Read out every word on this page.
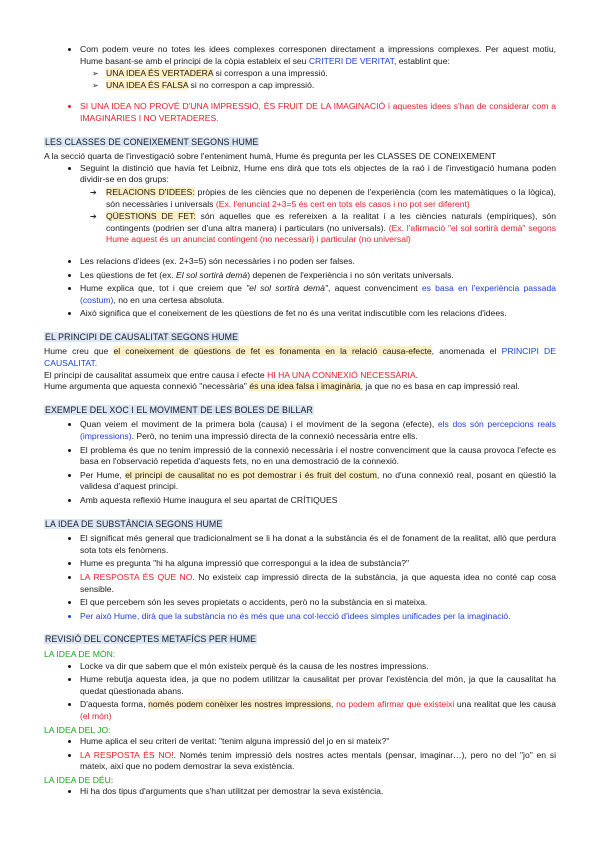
• Com podem veure no totes les idees complexes corresponen directament a impressions complexes. Per aquest motiu, Hume basant-se amb el principi de la còpia estableix el seu CRITERI DE VERITAT, establint que:
➢ UNA IDEA ÉS VERTADERA si correspon a una impressió.
➢ UNA IDEA ÉS FALSA si no correspon a cap impressió.
• SI UNA IDEA NO PROVÉ D'UNA IMPRESSIÓ, ÉS FRUIT DE LA IMAGINACIÓ i aquestes idees s'han de considerar com a IMAGINÀRIES I NO VERTADERES.
LES CLASSES DE CONEIXEMENT SEGONS HUME

A la secció quarta de l'investigació sobre l'enteniment humà, Hume és pregunta per les CLASSES DE CONEIXEMENT

• Seguint la distinció que havia fet Leibniz, Hume ens dirà que tots els objectes de la raó i de l'investigació humana poden dividir-se en dos grups:
➔ RELACIONS D'IDEES: pròpies de les ciències que no depenen de l'experiència (com les matemàtiques o la lògica), són necessàries i universals (Ex. l'enunciat 2+3=5 és cert en tots els casos i no pot ser diferent)
➔ QÜESTIONS DE FET: són aquelles que es refereixen a la realitat i a les ciències naturals (empíriques), són contingents (podrien ser d'una altra manera) i particulars (no universals). (Ex. l'afirmació "el sol sortirà demà" segons Hume aquest és un anunciat contingent (no necessari) i particular (no universal)
• Les relacions d'idees (ex. 2+3=5) són necessàries i no poden ser falses.
• Les qüestions de fet (ex. El sol sortirà demà) depenen de l'experiència i no són veritats universals.
• Hume explica que, tot i que creiem que "el sol sortirà demà", aquest convenciment es basa en l'experiència passada (costum), no en una certesa absoluta.
• Això significa que el coneixement de les qüestions de fet no és una veritat indiscutible com les relacions d'idees.
EL PRINCIPI DE CAUSALITAT SEGONS HUME

Hume creu que el coneixement de qüestions de fet es fonamenta en la relació causa-efecte, anomenada el PRINCIPI DE CAUSALITAT.

El principi de causalitat assumeix que entre causa i efecte HI HA UNA CONNEXIÓ NECESSÀRIA.

Hume argumenta que aquesta connexió "necessària" és una idea falsa i imaginària, ja que no es basa en cap impressió real.

EXEMPLE DEL XOC I EL MOVIMENT DE LES BOLES DE BILLAR
• Quan veiem el moviment de la primera bola (causa) i el moviment de la segona (efecte), els dos són percepcions reals (impressions). Però, no tenim una impressió directa de la connexió necessària entre ells.
• El problema és que no tenim impressió de la connexió necessària i el nostre convenciment que la causa provoca l'efecte es basa en l'observació repetida d'aquests fets, no en una demostració de la connexió.
• Per Hume, el principi de causalitat no es pot demostrar i és fruit del costum, no d'una connexió real, posant en qüestió la validesa d'aquest principi.
• Amb aquesta reflexió Hume inaugura el seu apartat de CRÍTIQUES
LA IDEA DE SUBSTÀNCIA SEGONS HUME
• El significat més general que tradicionalment se li ha donat a la substància és el de fonament de la realitat, allò que perdura sota tots els fenòmens.
• Hume es pregunta "hi ha alguna impressió que correspongui a la idea de substància?"
• LA RESPOSTA ÉS QUE NO. No existeix cap impressió directa de la substància, ja que aquesta idea no conté cap cosa sensible.
• El que percebem són les seves propietats o accidents, però no la substància en si mateixa.
• Per això Hume, dirà que la substància no és més que una col·lecció d'idees simples unificades per la imaginació.
REVISIÓ DEL CONCEPTES METAFÍCS PER HUME
LA IDEA DE MÓN:
• Locke va dir que sabem que el món existeix perquè és la causa de les nostres impressions.
• Hume rebutja aquesta idea, ja que no podem utilitzar la causalitat per provar l'existència del món, ja que la causalitat ha quedat qüestionada abans.
• D'aquesta forma, només podem conèixer les nostres impressions, no podem afirmar que existeixi una realitat que les causa (el món)
LA IDEA DEL JO:
• Hume aplica el seu criteri de veritat: "tenim alguna impressió del jo en si mateix?"
• LA RESPOSTA ÉS NO!. Només tenim impressió dels nostres actes mentals (pensar, imaginar…), pero no del "jo" en si mateix, així que no podem demostrar la seva existència.
LA IDEA DE DÉU:
• Hi ha dos tipus d'arguments que s'han utilitzat per demostrar la seva existència.
